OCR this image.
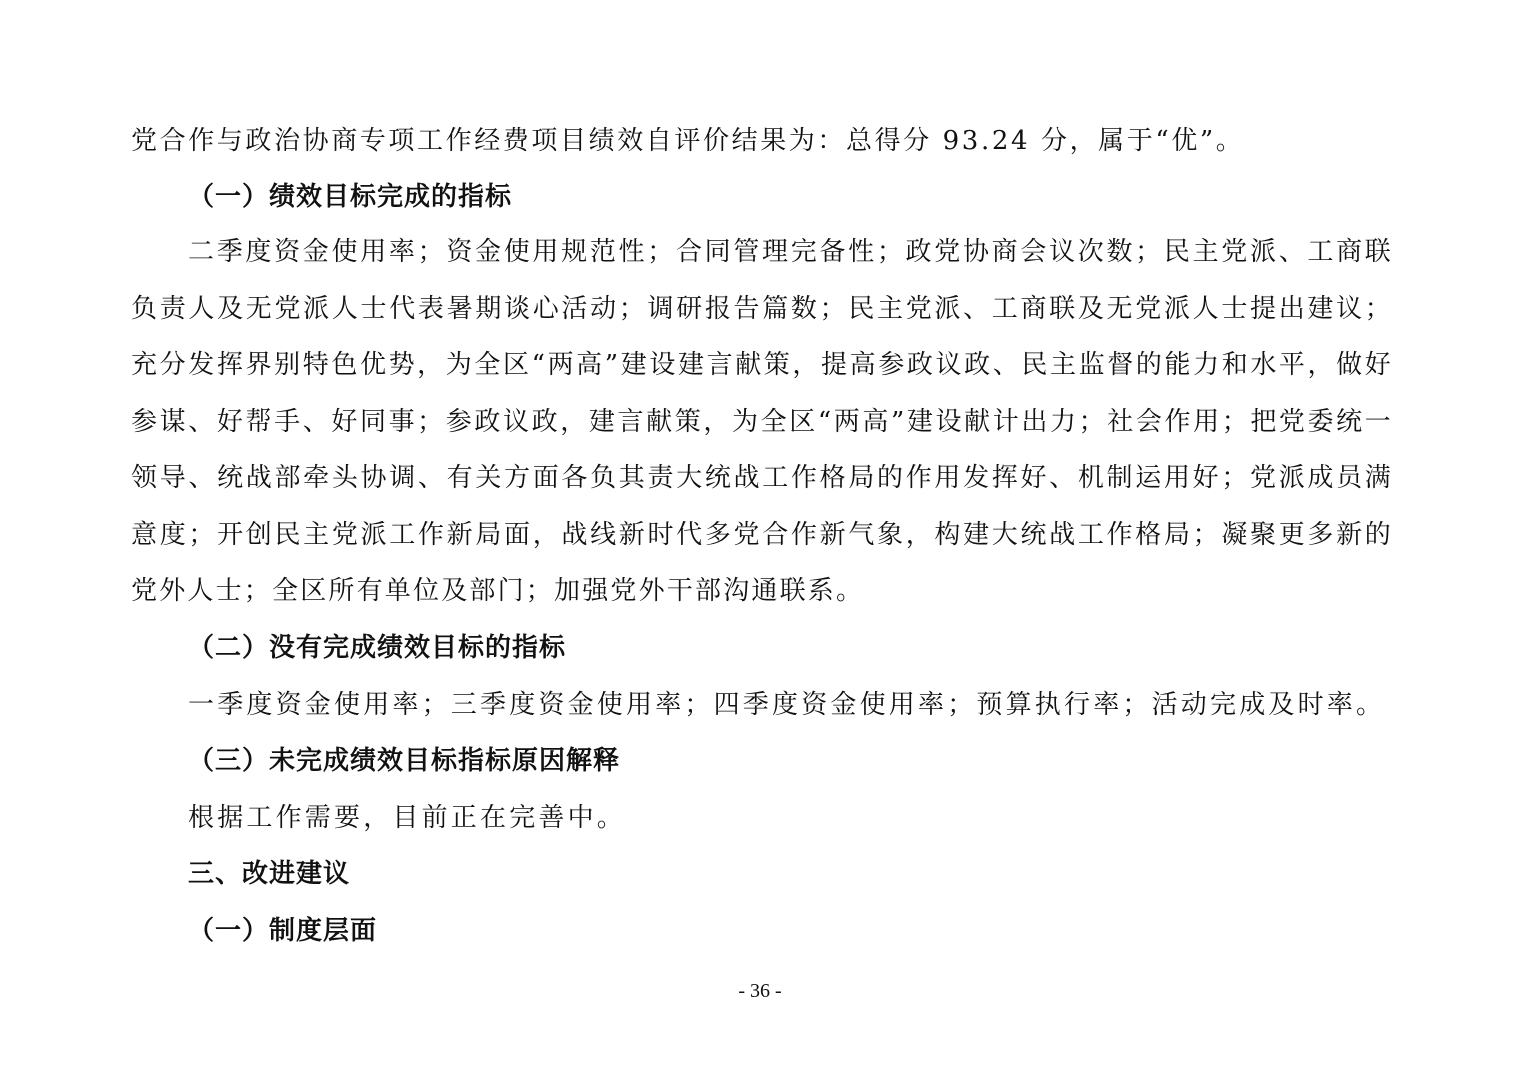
党合作与政治协商专项工作经费项目绩效自评价结果为：总得分 93.24 分，属于“优”。

（一）绩效目标完成的指标

二季度资金使用率；资金使用规范性；合同管理完备性；政党协商会议次数；民主党派、工商联负责人及无党派人士代表暑期谈心活动；调研报告篇数；民主党派、工商联及无党派人士提出建议；充分发挥界别特色优势，为全区“两高”建设建言献策，提高参政议政、民主监督的能力和水平，做好参谋、好帮手、好同事；参政议政，建言献策，为全区“两高”建设献计出力；社会作用；把党委统一领导、统战部牵头协调、有关方面各负其责大统战工作格局的作用发挥好、机制运用好；党派成员满意度；开创民主党派工作新局面，战线新时代多党合作新气象，构建大统战工作格局；凝聚更多新的党外人士；全区所有单位及部门；加强党外干部沟通联系。

（二）没有完成绩效目标的指标

一季度资金使用率；三季度资金使用率；四季度资金使用率；预算执行率；活动完成及时率。

（三）未完成绩效目标指标原因解释

根据工作需要，目前正在完善中。

三、改进建议

（一）制度层面

- 36 -
